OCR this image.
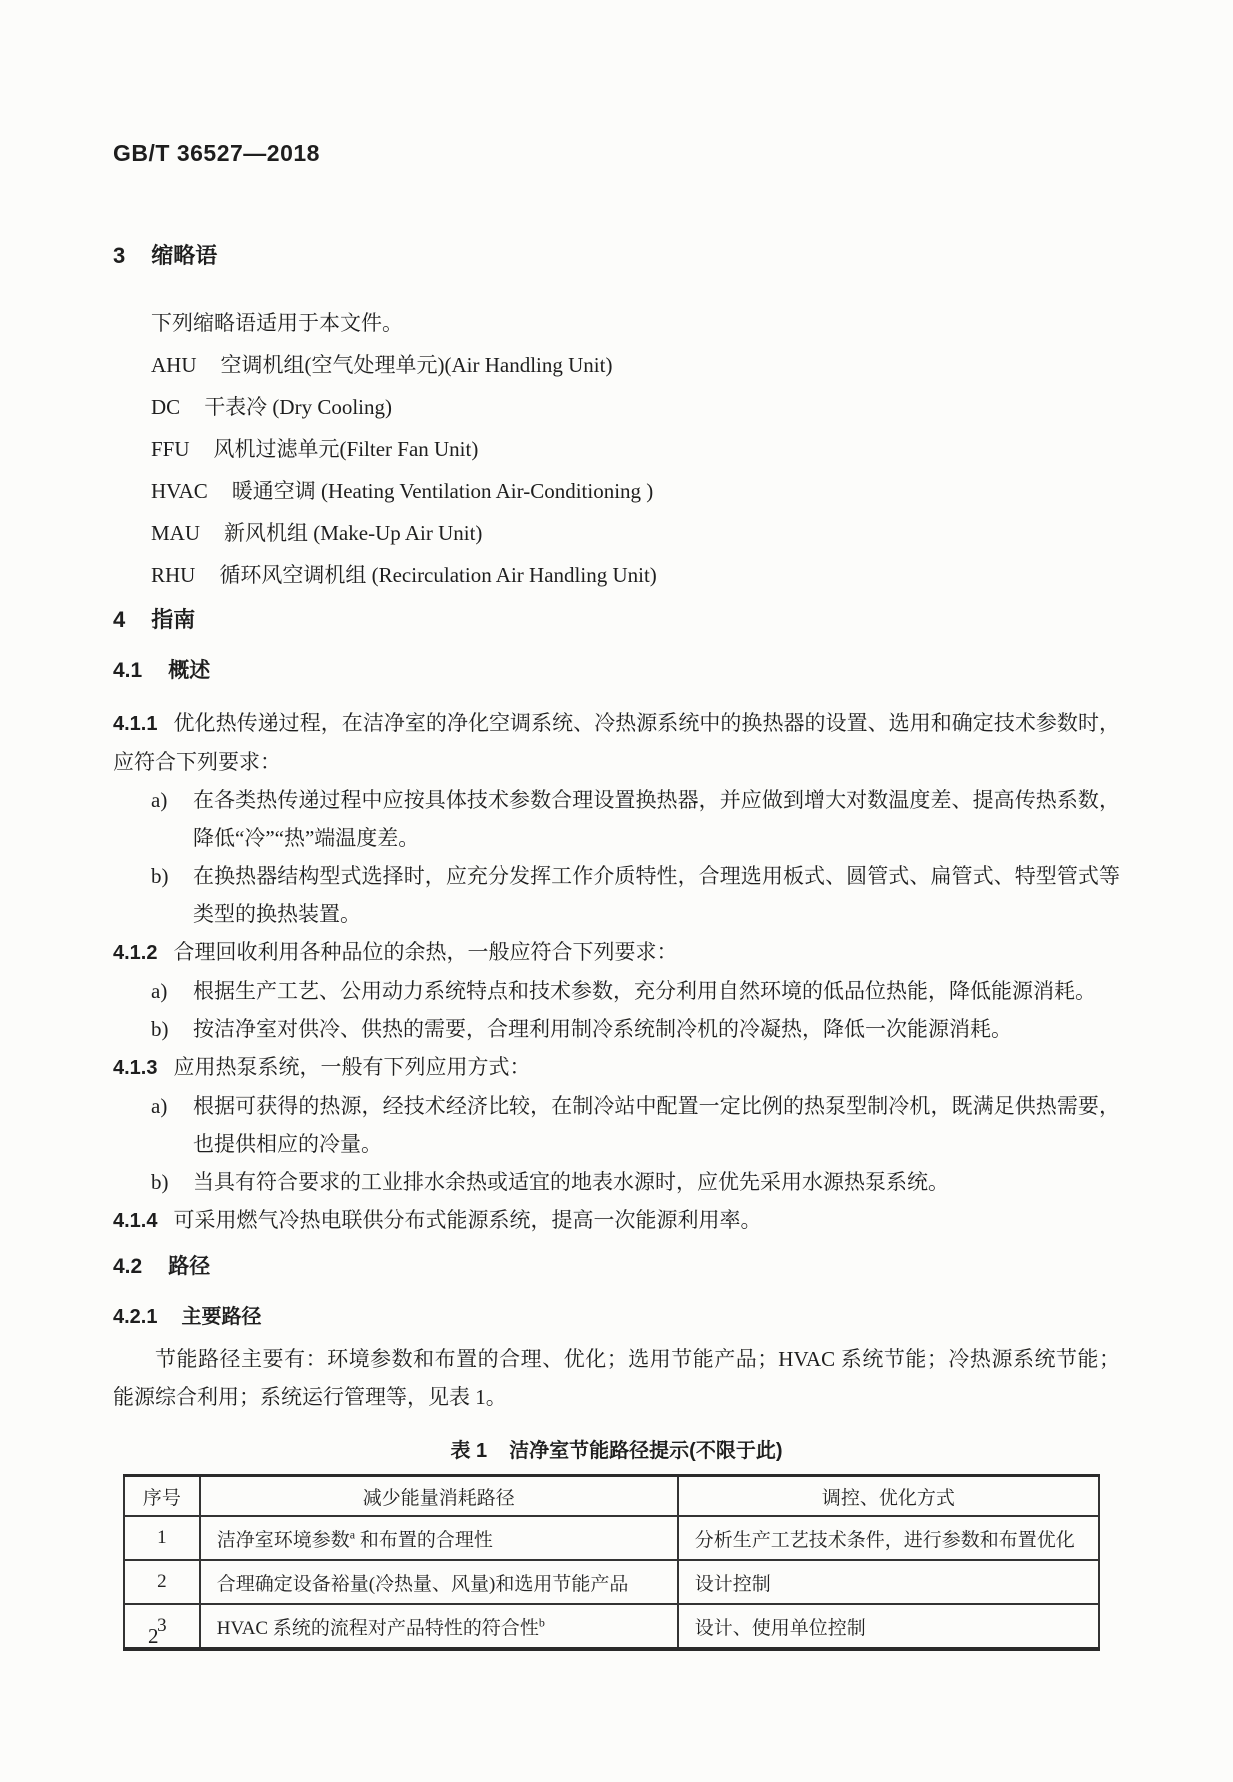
GB/T 36527—2018
3 缩略语
下列缩略语适用于本文件。
AHU 空调机组(空气处理单元)(Air Handling Unit)
DC 干表冷 (Dry Cooling)
FFU 风机过滤单元(Filter Fan Unit)
HVAC 暖通空调 (Heating Ventilation Air-Conditioning )
MAU 新风机组 (Make-Up Air Unit)
RHU 循环风空调机组 (Recirculation Air Handling Unit)
4 指南
4.1 概述

4.1.1 优化热传递过程，在洁净室的净化空调系统、冷热源系统中的换热器的设置、选用和确定技术参数时，应符合下列要求：

a)	在各类热传递过程中应按具体技术参数合理设置换热器，并应做到增大对数温度差、提高传热系数，降低“冷”“热”端温度差。
b)	在换热器结构型式选择时，应充分发挥工作介质特性，合理选用板式、圆管式、扁管式、特型管式等类型的换热装置。

4.1.2 合理回收利用各种品位的余热，一般应符合下列要求：

a)	根据生产工艺、公用动力系统特点和技术参数，充分利用自然环境的低品位热能，降低能源消耗。
b)	按洁净室对供冷、供热的需要，合理利用制冷系统制冷机的冷凝热，降低一次能源消耗。

4.1.3 应用热泵系统，一般有下列应用方式：

a)	根据可获得的热源，经技术经济比较，在制冷站中配置一定比例的热泵型制冷机，既满足供热需要，也提供相应的冷量。
b)	当具有符合要求的工业排水余热或适宜的地表水源时，应优先采用水源热泵系统。

4.1.4 可采用燃气冷热电联供分布式能源系统，提高一次能源利用率。

4.2 路径
4.2.1 主要路径

节能路径主要有：环境参数和布置的合理、优化；选用节能产品；HVAC 系统节能；冷热源系统节能；能源综合利用；系统运行管理等，见表 1。

表 1 洁净室节能路径提示(不限于此)
序号	减少能量消耗路径	调控、优化方式
1	洁净室环境参数$^a$ 和布置的合理性	分析生产工艺技术条件，进行参数和布置优化
2	合理确定设备裕量(冷热量、风量)和选用节能产品	设计控制
3	HVAC 系统的流程对产品特性的符合性$^b$	设计、使用单位控制
2
